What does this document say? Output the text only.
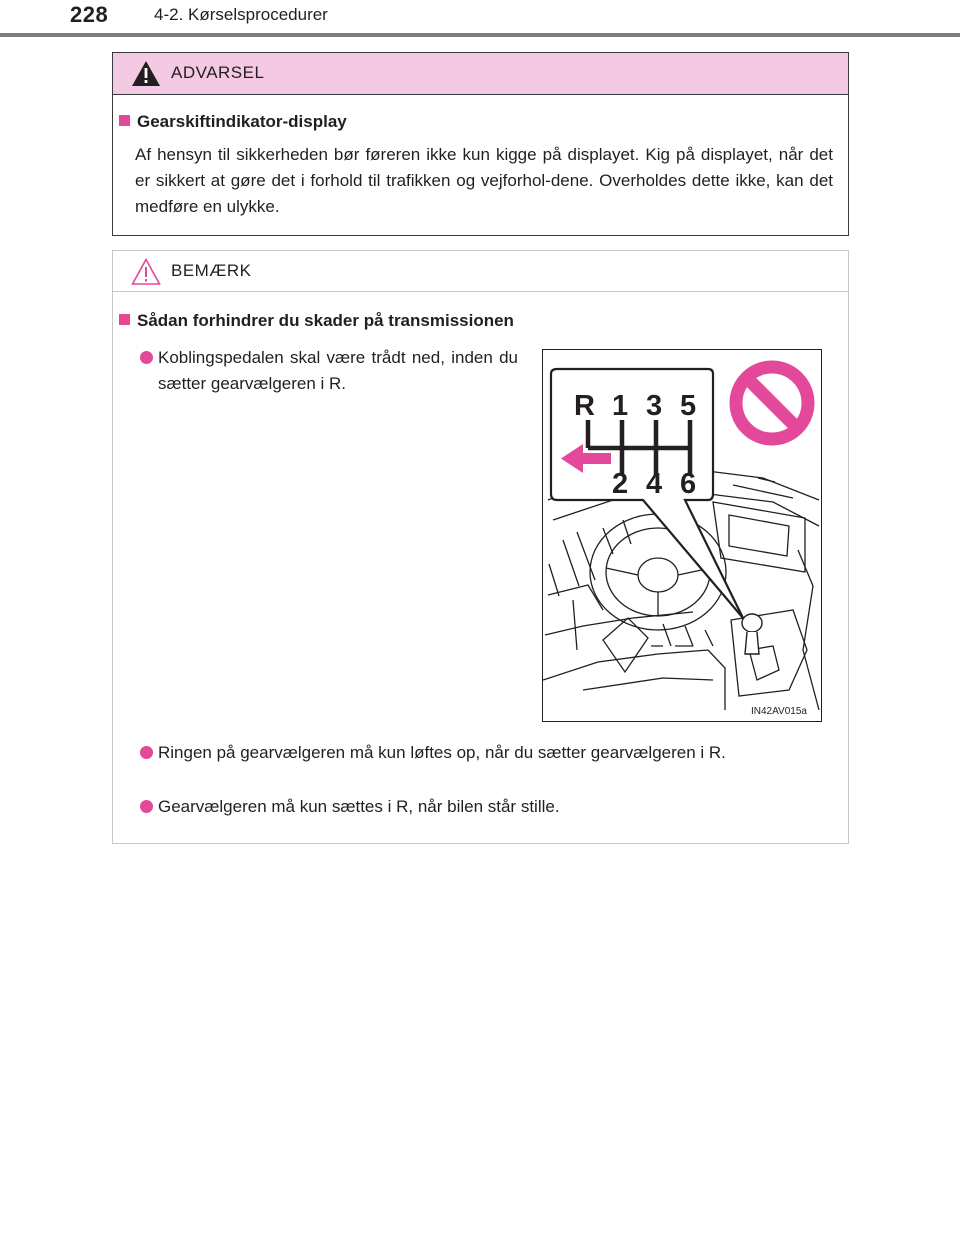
228	4-2. Kørselsprocedurer
ADVARSEL
Gearskiftindikator-display

Af hensyn til sikkerheden bør føreren ikke kun kigge på displayet. Kig på displayet, når det er sikkert at gøre det i forhold til trafikken og vejforhol-dene. Overholdes dette ikke, kan det medføre en ulykke.

BEMÆRK
Sådan forhindrer du skader på transmissionen
Koblingspedalen skal være trådt ned, inden du sætter gearvælgeren i R.
Ringen på gearvælgeren må kun løftes op, når du sætter gearvælgeren i R.
Gearvælgeren må kun sættes i R, når bilen står stille.
R 1 3 5
2 4 6
IN42AV015a
